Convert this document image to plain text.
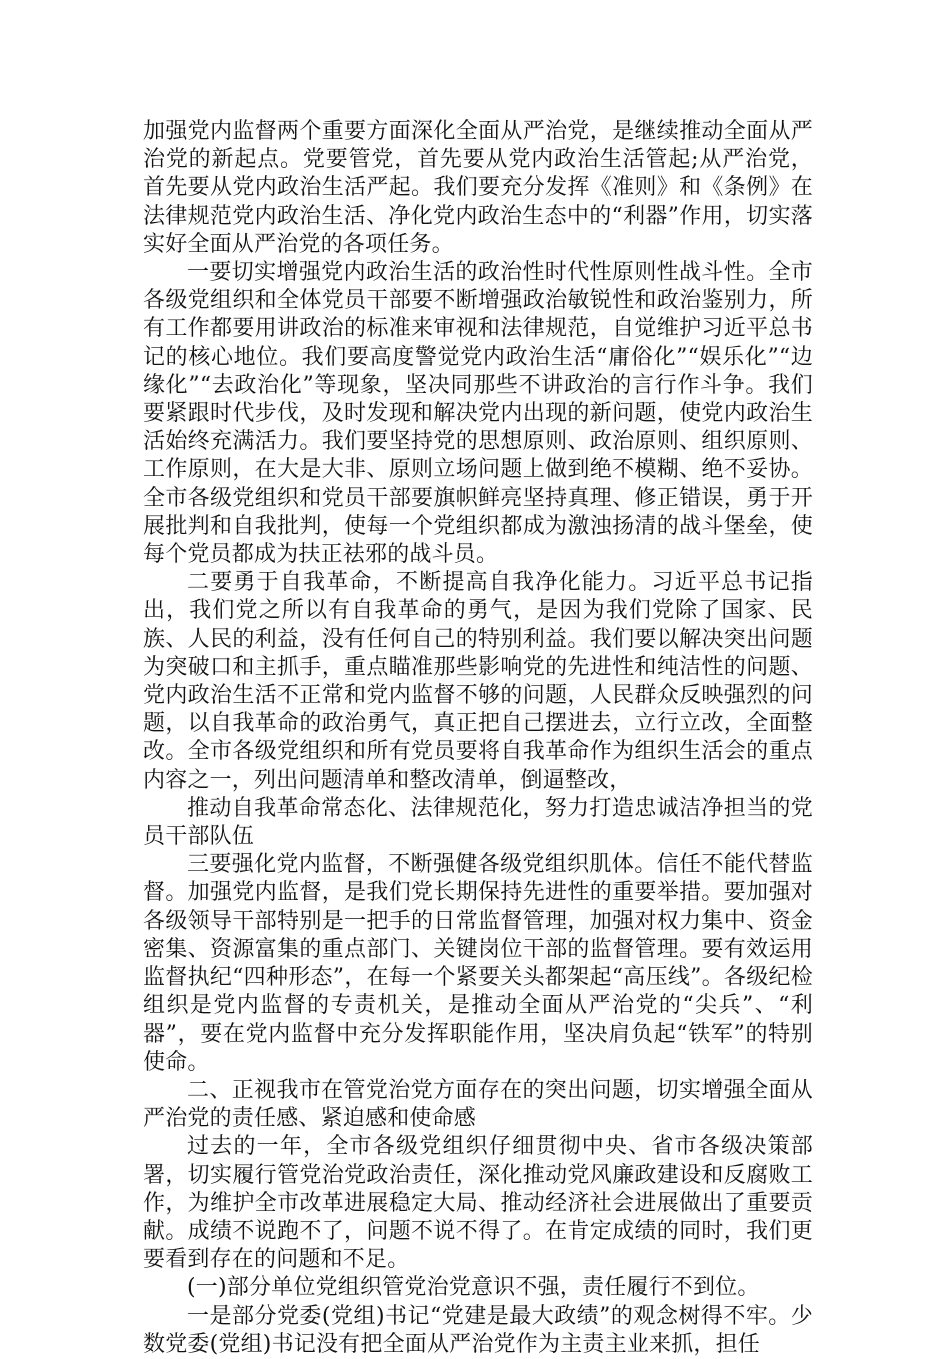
加强党内监督两个重要方面深化全面从严治党，是继续推动全面从严治党的新起点。党要管党，首先要从党内政治生活管起;从严治党，首先要从党内政治生活严起。我们要充分发挥《准则》和《条例》在法律规范党内政治生活、净化党内政治生态中的“利器”作用，切实落实好全面从严治党的各项任务。

一要切实增强党内政治生活的政治性时代性原则性战斗性。全市各级党组织和全体党员干部要不断增强政治敏锐性和政治鉴别力，所有工作都要用讲政治的标准来审视和法律规范，自觉维护习近平总书记的核心地位。我们要高度警觉党内政治生活“庸俗化”“娱乐化”“边缘化”“去政治化”等现象，坚决同那些不讲政治的言行作斗争。我们要紧跟时代步伐，及时发现和解决党内出现的新问题，使党内政治生活始终充满活力。我们要坚持党的思想原则、政治原则、组织原则、工作原则，在大是大非、原则立场问题上做到绝不模糊、绝不妥协。全市各级党组织和党员干部要旗帜鲜亮坚持真理、修正错误，勇于开展批判和自我批判，使每一个党组织都成为激浊扬清的战斗堡垒，使每个党员都成为扶正祛邪的战斗员。

二要勇于自我革命，不断提高自我净化能力。习近平总书记指出，我们党之所以有自我革命的勇气，是因为我们党除了国家、民族、人民的利益，没有任何自己的特别利益。我们要以解决突出问题为突破口和主抓手，重点瞄准那些影响党的先进性和纯洁性的问题、党内政治生活不正常和党内监督不够的问题，人民群众反映强烈的问题，以自我革命的政治勇气，真正把自己摆进去，立行立改，全面整改。全市各级党组织和所有党员要将自我革命作为组织生活会的重点内容之一，列出问题清单和整改清单，倒逼整改，

推动自我革命常态化、法律规范化，努力打造忠诚洁净担当的党员干部队伍

三要强化党内监督，不断强健各级党组织肌体。信任不能代替监督。加强党内监督，是我们党长期保持先进性的重要举措。要加强对各级领导干部特别是一把手的日常监督管理，加强对权力集中、资金密集、资源富集的重点部门、关键岗位干部的监督管理。要有效运用监督执纪“四种形态”，在每一个紧要关头都架起“高压线”。各级纪检组织是党内监督的专责机关，是推动全面从严治党的“尖兵”、“利器”，要在党内监督中充分发挥职能作用，坚决肩负起“铁军”的特别使命。

二、正视我市在管党治党方面存在的突出问题，切实增强全面从严治党的责任感、紧迫感和使命感

过去的一年，全市各级党组织仔细贯彻中央、省市各级决策部署，切实履行管党治党政治责任，深化推动党风廉政建设和反腐败工作，为维护全市改革进展稳定大局、推动经济社会进展做出了重要贡献。成绩不说跑不了，问题不说不得了。在肯定成绩的同时，我们更要看到存在的问题和不足。

(一)部分单位党组织管党治党意识不强，责任履行不到位。

一是部分党委(党组)书记“党建是最大政绩”的观念树得不牢。少数党委(党组)书记没有把全面从严治党作为主责主业来抓，担任
